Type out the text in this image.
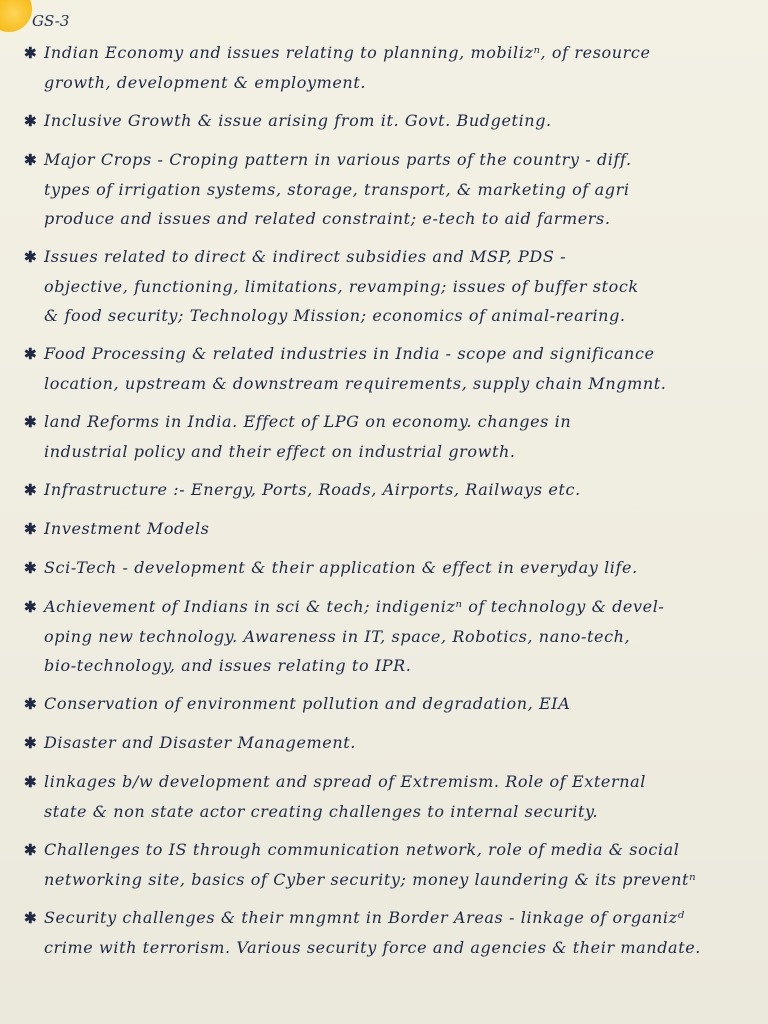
GS-3
✱ Indian Economy and issues relating to planning, mobilizⁿ, of resource
growth, development & employment.
✱ Inclusive Growth & issue arising from it. Govt. Budgeting.
✱ Major Crops - Croping pattern in various parts of the country - diff.
types of irrigation systems, storage, transport, & marketing of agri
produce and issues and related constraint; e-tech to aid farmers.
✱ Issues related to direct & indirect subsidies and MSP, PDS -
objective, functioning, limitations, revamping; issues of buffer stock
& food security; Technology Mission; economics of animal-rearing.
✱ Food Processing & related industries in India - scope and significance
location, upstream & downstream requirements, supply chain Mngmnt.
✱ land Reforms in India. Effect of LPG on economy. changes in
industrial policy and their effect on industrial growth.
✱ Infrastructure :- Energy, Ports, Roads, Airports, Railways etc.
✱ Investment Models
✱ Sci-Tech - development & their application & effect in everyday life.
✱ Achievement of Indians in sci & tech; indigenizⁿ of technology & devel-
oping new technology. Awareness in IT, space, Robotics, nano-tech,
bio-technology, and issues relating to IPR.
✱ Conservation of environment pollution and degradation, EIA
✱ Disaster and Disaster Management.
✱ linkages b/w development and spread of Extremism. Role of External
state & non state actor creating challenges to internal security.
✱ Challenges to IS through communication network, role of media & social
networking site, basics of Cyber security; money laundering & its preventⁿ
✱ Security challenges & their mngmnt in Border Areas - linkage of organizᵈ
crime with terrorism. Various security force and agencies & their mandate.
